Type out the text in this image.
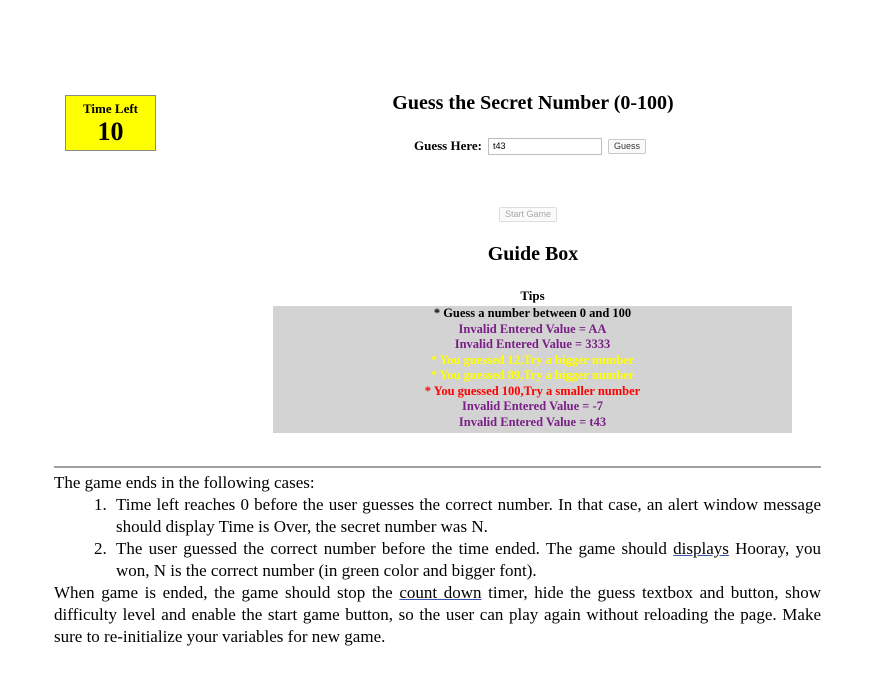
Time Left
10
Guess the Secret Number (0-100)
Guess Here:
t43	Guess
Start Game
Guide Box
Tips
* Guess a number between 0 and 100
Invalid Entered Value = AA
Invalid Entered Value = 3333
* You guessed 12,Try a bigger number
* You guessed 89,Try a bigger number
* You guessed 100,Try a smaller number
Invalid Entered Value = -7
Invalid Entered Value = t43

The game ends in the following cases:

1. Time left reaches 0 before the user guesses the correct number. In that case, an alert window message should display Time is Over, the secret number was N.
2. The user guessed the correct number before the time ended. The game should displays Hooray, you won, N is the correct number (in green color and bigger font).

When game is ended, the game should stop the count down timer, hide the guess textbox and button, show difficulty level and enable the start game button, so the user can play again without reloading the page. Make sure to re-initialize your variables for new game.
